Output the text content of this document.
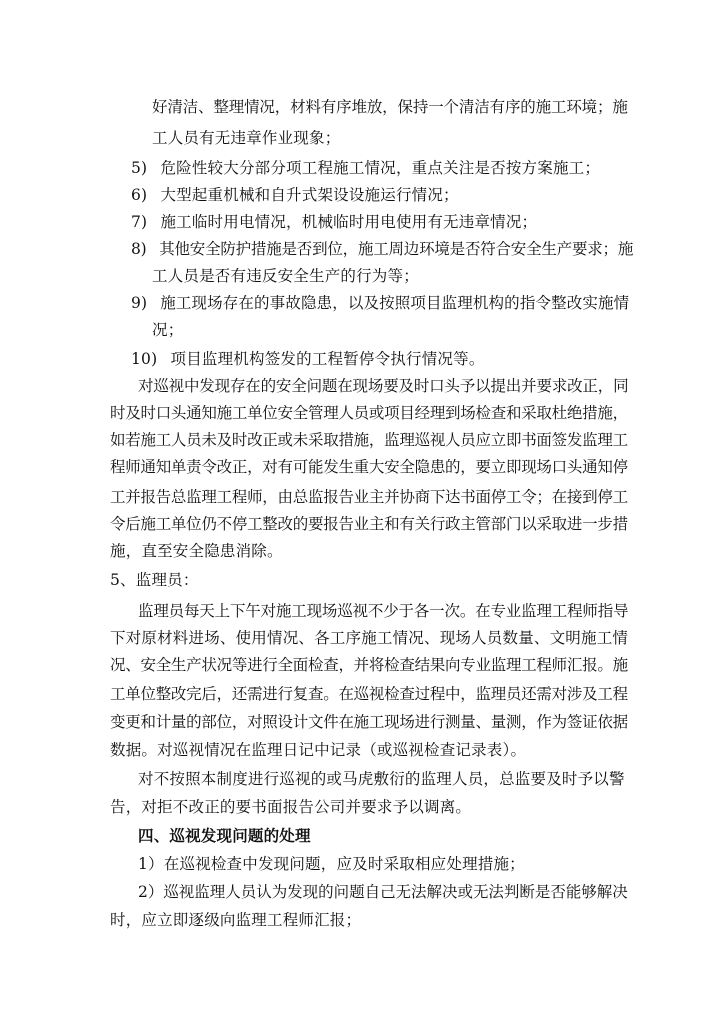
好清洁、整理情况，材料有序堆放，保持一个清洁有序的施工环境；施
工人员有无违章作业现象；
5) 危险性较大分部分项工程施工情况，重点关注是否按方案施工；
6) 大型起重机械和自升式架设设施运行情况；
7) 施工临时用电情况，机械临时用电使用有无违章情况；
8) 其他安全防护措施是否到位，施工周边环境是否符合安全生产要求；施
工人员是否有违反安全生产的行为等；
9) 施工现场存在的事故隐患，以及按照项目监理机构的指令整改实施情
况；
10) 项目监理机构签发的工程暂停令执行情况等。
对巡视中发现存在的安全问题在现场要及时口头予以提出并要求改正，同
时及时口头通知施工单位安全管理人员或项目经理到场检查和采取杜绝措施，
如若施工人员未及时改正或未采取措施，监理巡视人员应立即书面签发监理工
程师通知单责令改正，对有可能发生重大安全隐患的，要立即现场口头通知停
工并报告总监理工程师，由总监报告业主并协商下达书面停工令；在接到停工
令后施工单位仍不停工整改的要报告业主和有关行政主管部门以采取进一步措
施，直至安全隐患消除。
5、监理员：
监理员每天上下午对施工现场巡视不少于各一次。在专业监理工程师指导
下对原材料进场、使用情况、各工序施工情况、现场人员数量、文明施工情
况、安全生产状况等进行全面检查，并将检查结果向专业监理工程师汇报。施
工单位整改完后，还需进行复查。在巡视检查过程中，监理员还需对涉及工程
变更和计量的部位，对照设计文件在施工现场进行测量、量测，作为签证依据
数据。对巡视情况在监理日记中记录（或巡视检查记录表）。
对不按照本制度进行巡视的或马虎敷衍的监理人员，总监要及时予以警
告，对拒不改正的要书面报告公司并要求予以调离。
四、巡视发现问题的处理
1）在巡视检查中发现问题，应及时采取相应处理措施；
2）巡视监理人员认为发现的问题自己无法解决或无法判断是否能够解决
时，应立即逐级向监理工程师汇报；
